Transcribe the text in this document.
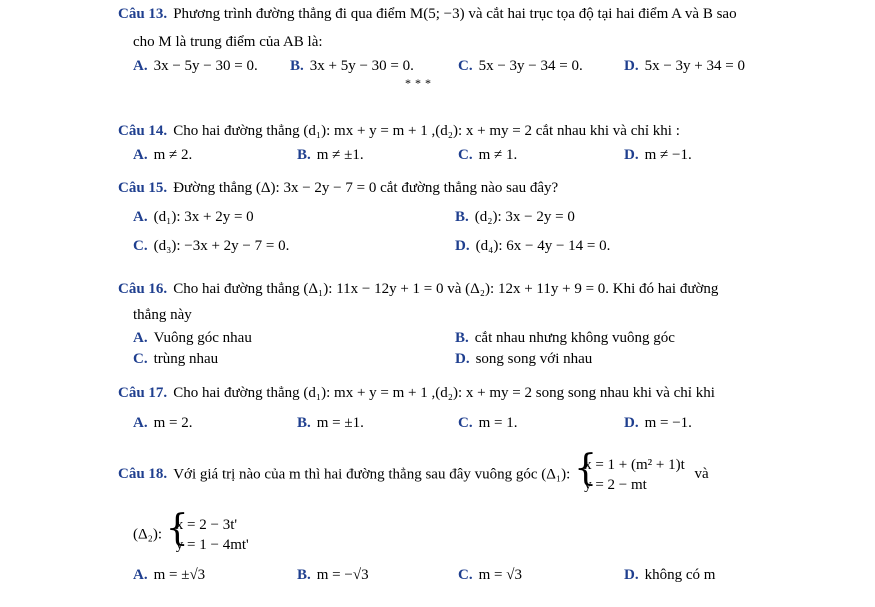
Câu 13. Phương trình đường thẳng đi qua điểm M(5; −3) và cắt hai trục tọa độ tại hai điểm A và B sao
cho M là trung điểm của AB là:
A. 3x − 5y − 30 = 0. B. 3x + 5y − 30 = 0.	C. 5x − 3y − 34 = 0.	D. 5x − 3y + 34 = 0
***
Câu 14. Cho hai đường thẳng (d₁): mx + y = m + 1 ,(d₂): x + my = 2 cắt nhau khi và chỉ khi :
A. m ≠ 2.	B. m ≠ ±1.	C. m ≠ 1.	D. m ≠ −1.
Câu 15. Đường thẳng (Δ): 3x − 2y − 7 = 0 cắt đường thẳng nào sau đây?
A. (d₁): 3x + 2y = 0	B. (d₂): 3x − 2y = 0
C. (d₃): −3x + 2y − 7 = 0.	D. (d₄): 6x − 4y − 14 = 0.
Câu 16. Cho hai đường thẳng (Δ₁): 11x − 12y + 1 = 0 và (Δ₂): 12x + 11y + 9 = 0. Khi đó hai đường
thẳng này
A. Vuông góc nhau	B. cắt nhau nhưng không vuông góc
C. trùng nhau	D. song song với nhau
Câu 17. Cho hai đường thẳng (d₁): mx + y = m + 1 ,(d₂): x + my = 2 song song nhau khi và chỉ khi
A. m = 2.	B. m = ±1.	C. m = 1.	D. m = −1.
Câu 18. Với giá trị nào của m thì hai đường thẳng sau đây vuông góc (Δ₁): {
x = 1 + (m² + 1)t
y = 2 − mt
và
(Δ₂): {
x = 2 − 3t'
y = 1 − 4mt'
A. m = ±√3	B. m = −√3	C. m = √3	D. không có m
